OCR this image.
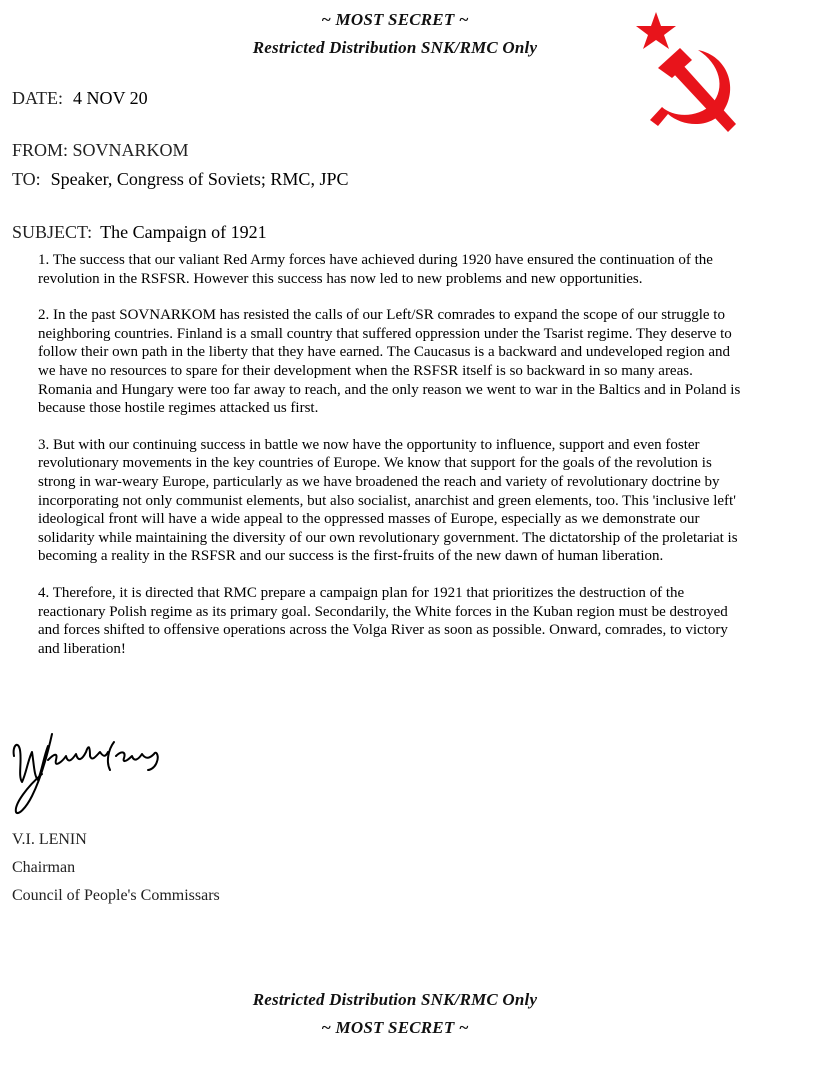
~ MOST SECRET ~
Restricted Distribution SNK/RMC Only
DATE: 4 NOV 20
FROM: SOVNARKOM
TO: Speaker, Congress of Soviets; RMC, JPC
SUBJECT: The Campaign of 1921

1. The success that our valiant Red Army forces have achieved during 1920 have ensured the continuation of the revolution in the RSFSR. However this success has now led to new problems and new opportunities.

2. In the past SOVNARKOM has resisted the calls of our Left/SR comrades to expand the scope of our struggle to neighboring countries. Finland is a small country that suffered oppression under the Tsarist regime. They deserve to follow their own path in the liberty that they have earned. The Caucasus is a backward and undeveloped region and we have no resources to spare for their development when the RSFSR itself is so backward in so many areas. Romania and Hungary were too far away to reach, and the only reason we went to war in the Baltics and in Poland is because those hostile regimes attacked us first.

3. But with our continuing success in battle we now have the opportunity to influence, support and even foster revolutionary movements in the key countries of Europe. We know that support for the goals of the revolution is strong in war-weary Europe, particularly as we have broadened the reach and variety of revolutionary doctrine by incorporating not only communist elements, but also socialist, anarchist and green elements, too. This 'inclusive left' ideological front will have a wide appeal to the oppressed masses of Europe, especially as we demonstrate our solidarity while maintaining the diversity of our own revolutionary government. The dictatorship of the proletariat is becoming a reality in the RSFSR and our success is the first-fruits of the new dawn of human liberation.

4. Therefore, it is directed that RMC prepare a campaign plan for 1921 that prioritizes the destruction of the reactionary Polish regime as its primary goal. Secondarily, the White forces in the Kuban region must be destroyed and forces shifted to offensive operations across the Volga River as soon as possible. Onward, comrades, to victory and liberation!

V.I. LENIN
Chairman
Council of People's Commissars
Restricted Distribution SNK/RMC Only
~ MOST SECRET ~
